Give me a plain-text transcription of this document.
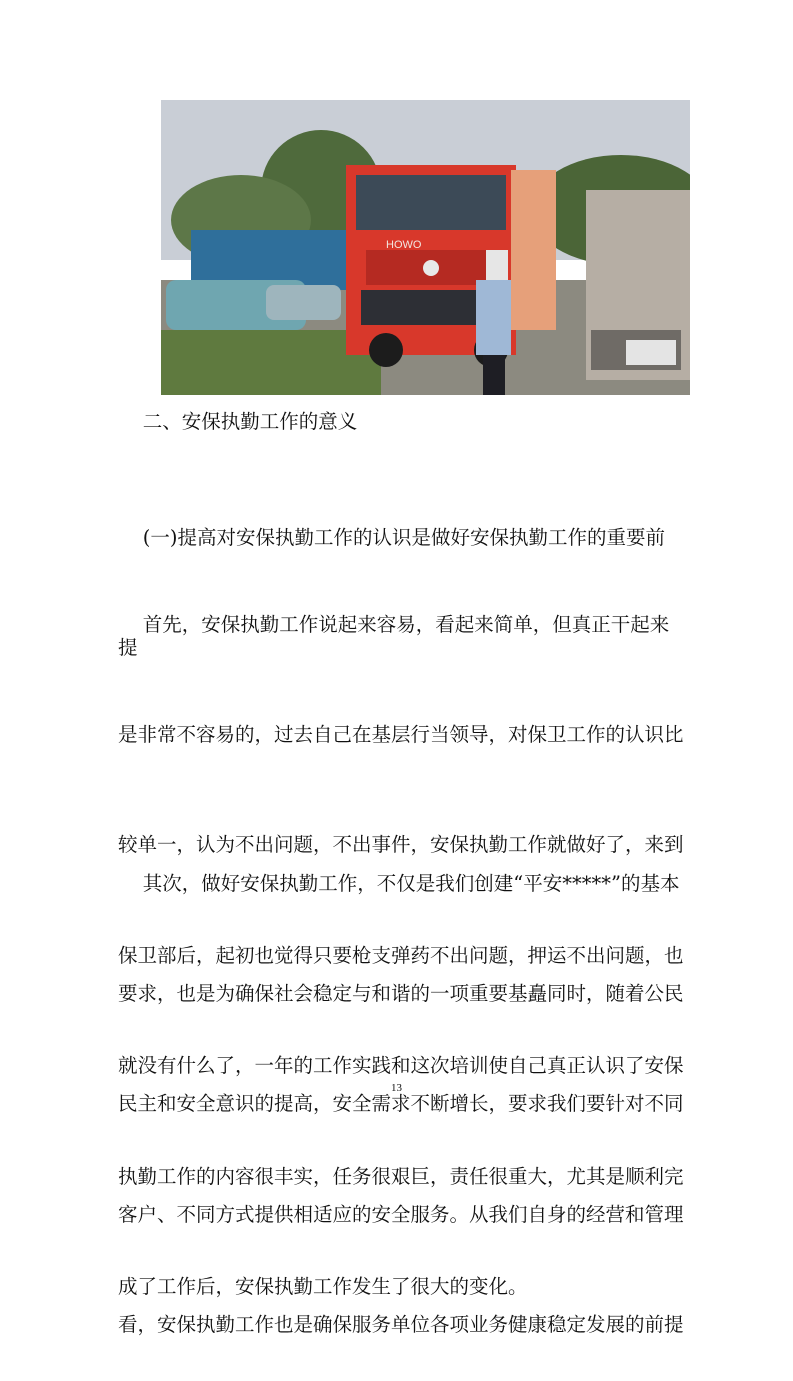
HOWO

二、安保执勤工作的意义

(一)提高对安保执勤工作的认识是做好安保执勤工作的重要前

提

首先，安保执勤工作说起来容易，看起来简单，但真正干起来

是非常不容易的，过去自己在基层行当领导，对保卫工作的认识比

较单一，认为不出问题，不出事件，安保执勤工作就做好了，来到

保卫部后，起初也觉得只要枪支弹药不出问题，押运不出问题，也

就没有什么了，一年的工作实践和这次培训使自己真正认识了安保

执勤工作的内容很丰实，任务很艰巨，责任很重大，尤其是顺利完

成了工作后，安保执勤工作发生了很大的变化。

其次，做好安保执勤工作，不仅是我们创建“平安*****”的基本

要求，也是为确保社会稳定与和谐的一项重要基矗同时，随着公民

民主和安全意识的提高，安全需求不断增长，要求我们要针对不同

客户、不同方式提供相适应的安全服务。从我们自身的经营和管理

看，安保执勤工作也是确保服务单位各项业务健康稳定发展的前提

13
